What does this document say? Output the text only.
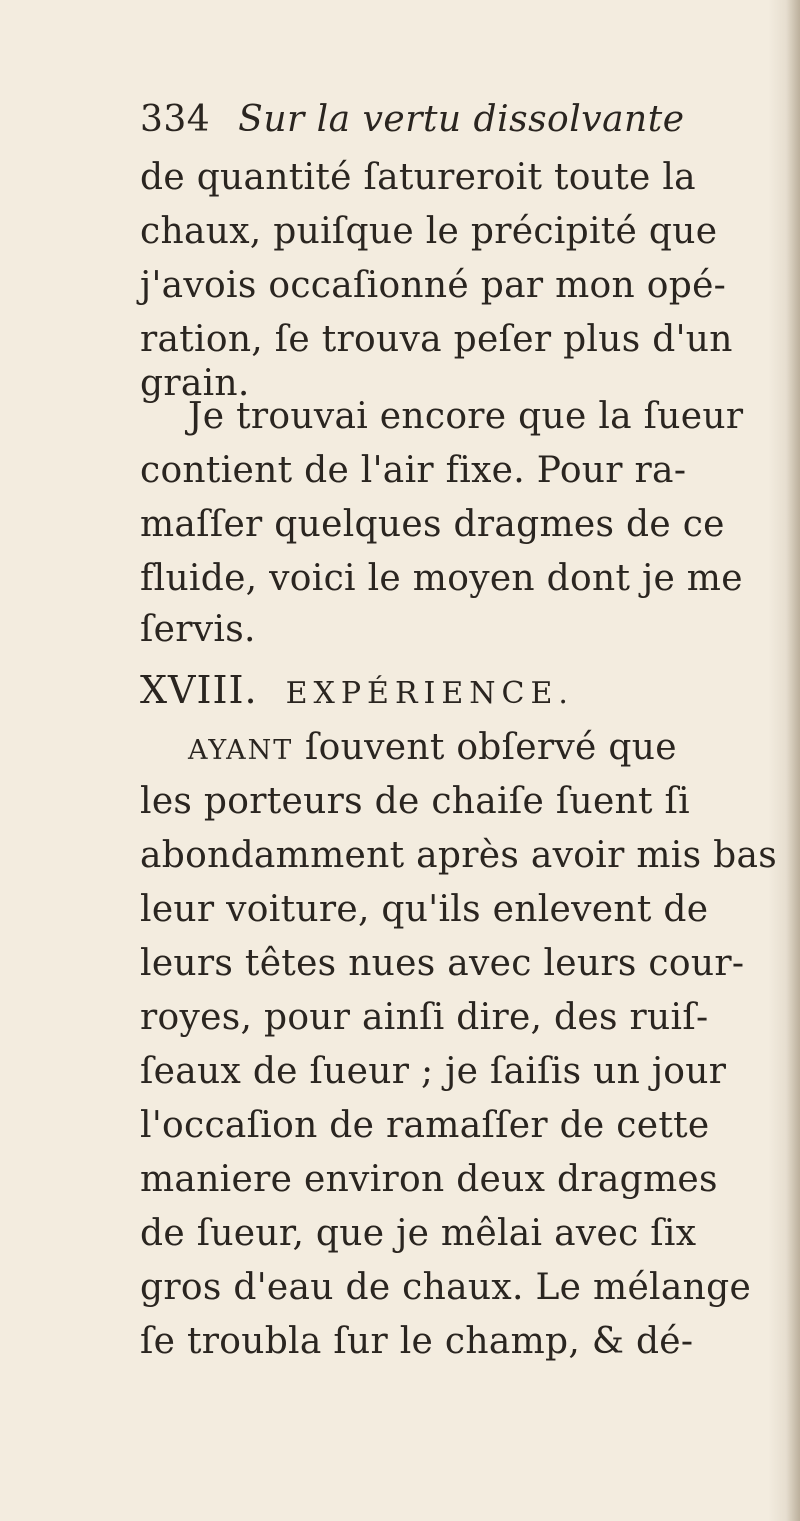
334 Sur la vertu dissolvante
de quantité ſatureroit toute la
chaux, puiſque le précipité que
j'avois occaſionné par mon opé-
ration, ſe trouva peſer plus d'un
grain.
Je trouvai encore que la ſueur
contient de l'air fixe. Pour ra-
maſſer quelques dragmes de ce
fluide, voici le moyen dont je me
ſervis.
XVIII. EXPÉRIENCE.
AYANT ſouvent obſervé que
les porteurs de chaiſe ſuent ſi
abondamment après avoir mis bas
leur voiture, qu'ils enlevent de
leurs têtes nues avec leurs cour-
royes, pour ainſi dire, des ruiſ-
ſeaux de ſueur ; je ſaiſis un jour
l'occaſion de ramaſſer de cette
maniere environ deux dragmes
de ſueur, que je mêlai avec ſix
gros d'eau de chaux. Le mélange
ſe troubla ſur le champ, & dé-
